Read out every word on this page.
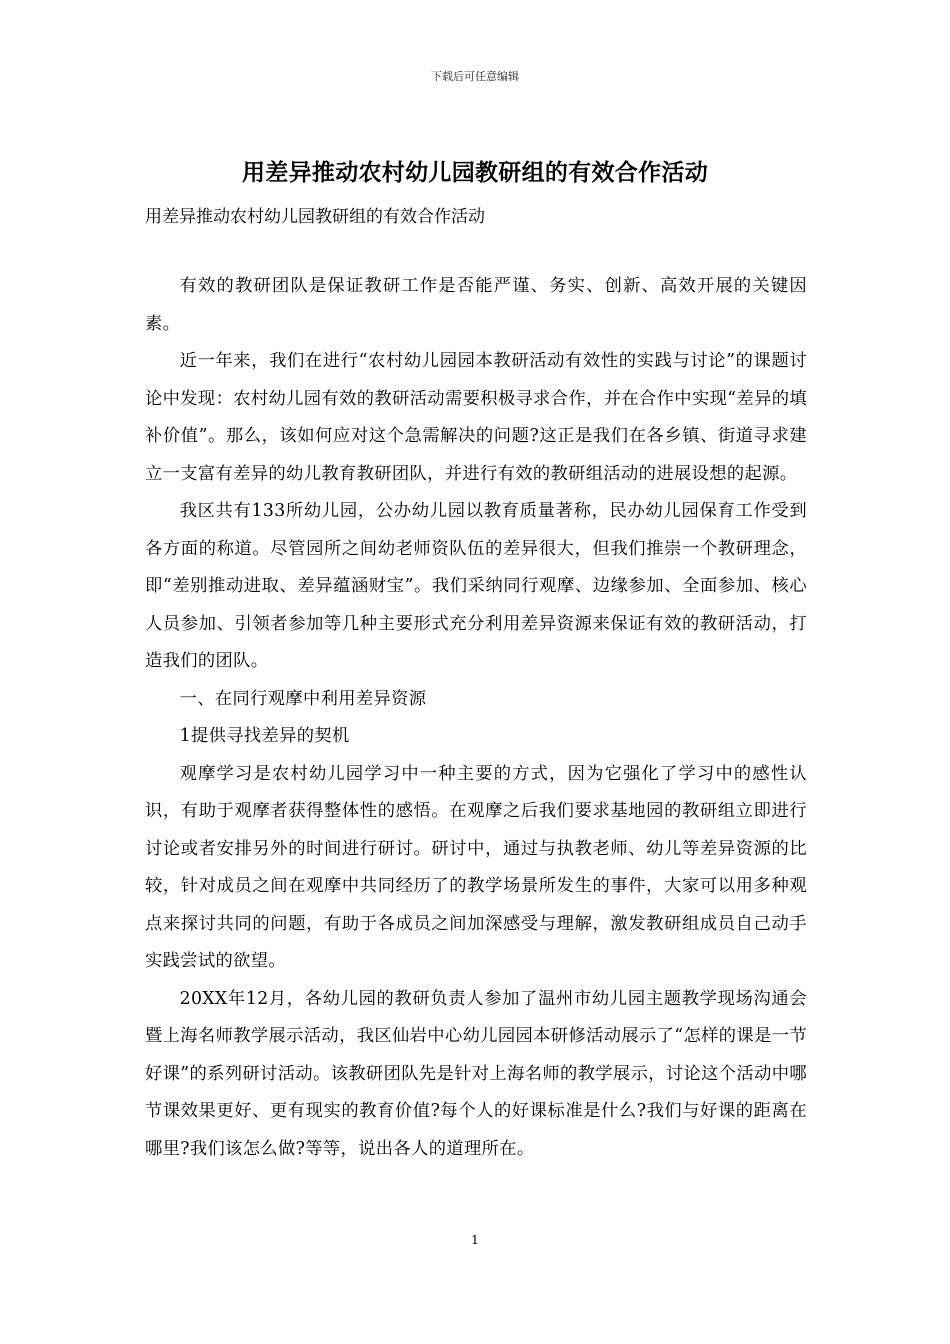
下载后可任意编辑
用差异推动农村幼儿园教研组的有效合作活动
用差异推动农村幼儿园教研组的有效合作活动

有效的教研团队是保证教研工作是否能严谨、务实、创新、高效开展的关键因素。

近一年来，我们在进行“农村幼儿园园本教研活动有效性的实践与讨论”的课题讨论中发现：农村幼儿园有效的教研活动需要积极寻求合作，并在合作中实现“差异的填补价值”。那么，该如何应对这个急需解决的问题?这正是我们在各乡镇、街道寻求建立一支富有差异的幼儿教育教研团队，并进行有效的教研组活动的进展设想的起源。

我区共有133所幼儿园，公办幼儿园以教育质量著称，民办幼儿园保育工作受到各方面的称道。尽管园所之间幼老师资队伍的差异很大，但我们推崇一个教研理念，即“差别推动进取、差异蕴涵财宝”。我们采纳同行观摩、边缘参加、全面参加、核心人员参加、引领者参加等几种主要形式充分利用差异资源来保证有效的教研活动，打造我们的团队。

一、在同行观摩中利用差异资源

1提供寻找差异的契机

观摩学习是农村幼儿园学习中一种主要的方式，因为它强化了学习中的感性认识，有助于观摩者获得整体性的感悟。在观摩之后我们要求基地园的教研组立即进行讨论或者安排另外的时间进行研讨。研讨中，通过与执教老师、幼儿等差异资源的比较，针对成员之间在观摩中共同经历了的教学场景所发生的事件，大家可以用多种观点来探讨共同的问题，有助于各成员之间加深感受与理解，激发教研组成员自己动手实践尝试的欲望。

20XX年12月，各幼儿园的教研负责人参加了温州市幼儿园主题教学现场沟通会暨上海名师教学展示活动，我区仙岩中心幼儿园园本研修活动展示了“怎样的课是一节好课”的系列研讨活动。该教研团队先是针对上海名师的教学展示，讨论这个活动中哪节课效果更好、更有现实的教育价值?每个人的好课标准是什么?我们与好课的距离在哪里?我们该怎么做?等等，说出各人的道理所在。

1
